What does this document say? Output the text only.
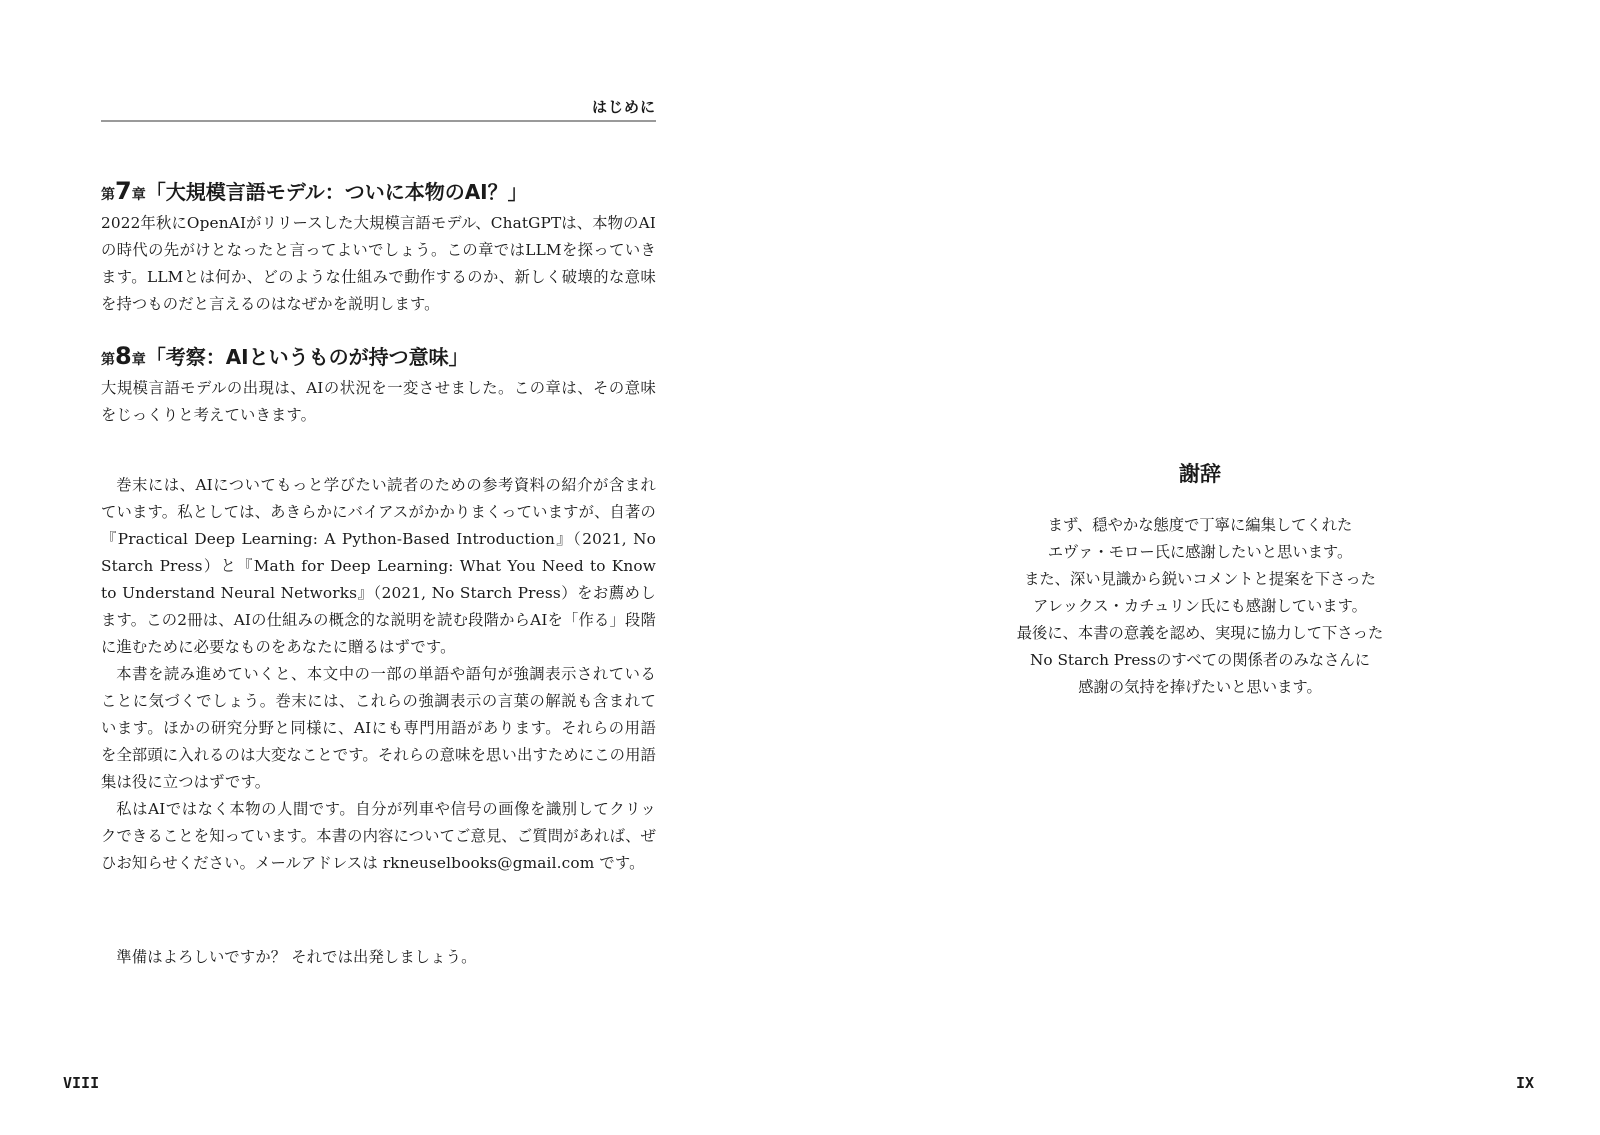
はじめに
第7章「大規模言語モデル：ついに本物のAI？」

2022年秋にOpenAIがリリースした大規模言語モデル、ChatGPTは、本物のAIの時代の先がけとなったと言ってよいでしょう。この章ではLLMを探っていきます。LLMとは何か、どのような仕組みで動作するのか、新しく破壊的な意味を持つものだと言えるのはなぜかを説明します。

第8章「考察：AIというものが持つ意味」

大規模言語モデルの出現は、AIの状況を一変させました。この章は、その意味をじっくりと考えていきます。

巻末には、AIについてもっと学びたい読者のための参考資料の紹介が含まれています。私としては、あきらかにバイアスがかかりまくっていますが、自著の『Practical Deep Learning: A Python-Based Introduction』（2021, No Starch Press）と『Math for Deep Learning: What You Need to Know to Understand Neural Networks』（2021, No Starch Press）をお薦めします。この2冊は、AIの仕組みの概念的な説明を読む段階からAIを「作る」段階に進むために必要なものをあなたに贈るはずです。

本書を読み進めていくと、本文中の一部の単語や語句が強調表示されていることに気づくでしょう。巻末には、これらの強調表示の言葉の解説も含まれています。ほかの研究分野と同様に、AIにも専門用語があります。それらの用語を全部頭に入れるのは大変なことです。それらの意味を思い出すためにこの用語集は役に立つはずです。

私はAIではなく本物の人間です。自分が列車や信号の画像を識別してクリックできることを知っています。本書の内容についてご意見、ご質問があれば、ぜひお知らせください。メールアドレスは rkneuselbooks@gmail.com です。

準備はよろしいですか？ それでは出発しましょう。

VIII
謝辞
まず、穏やかな態度で丁寧に編集してくれた
エヴァ・モロー氏に感謝したいと思います。
また、深い見識から鋭いコメントと提案を下さった
アレックス・カチュリン氏にも感謝しています。
最後に、本書の意義を認め、実現に協力して下さった
No Starch Pressのすべての関係者のみなさんに
感謝の気持を捧げたいと思います。
IX
